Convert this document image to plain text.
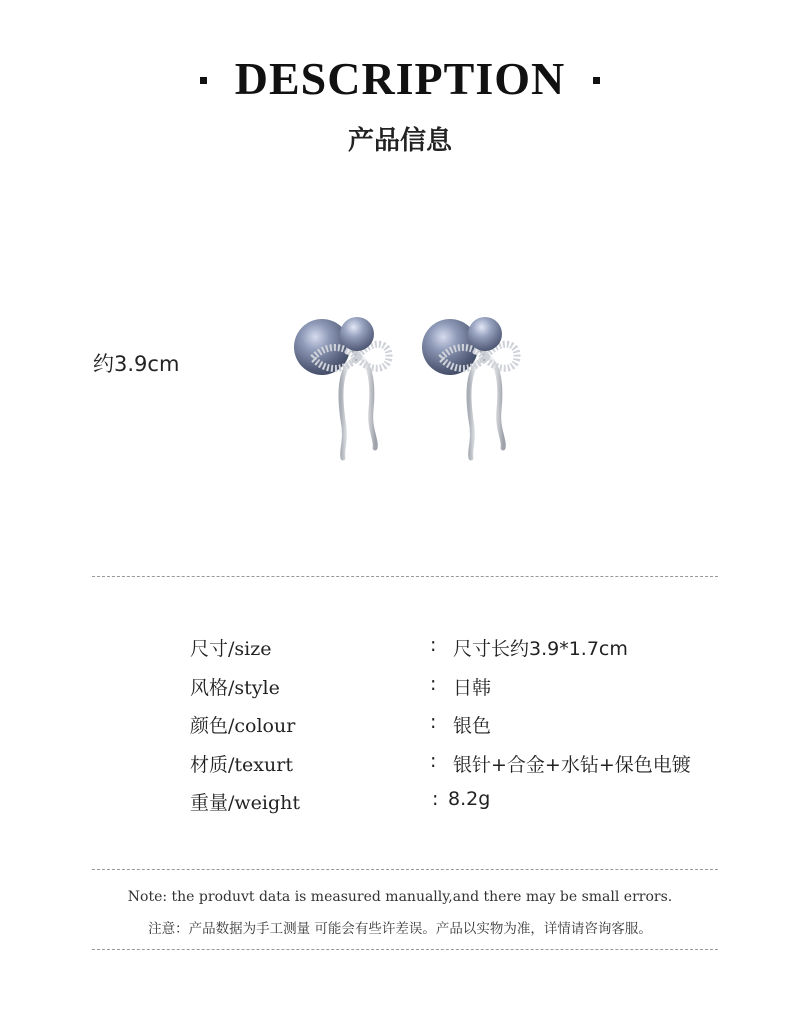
DESCRIPTION
产品信息
约3.9cm
尺寸/size	: 尺寸长约3.9*1.7cm
风格/style	: 日韩
颜色/colour	: 银色
材质/texurt	: 银针+合金+水钻+保色电镀
重量/weight	: 8.2g
Note: the produvt data is measured manually,and there may be small errors.
注意：产品数据为手工测量 可能会有些许差误。产品以实物为准，详情请咨询客服。
